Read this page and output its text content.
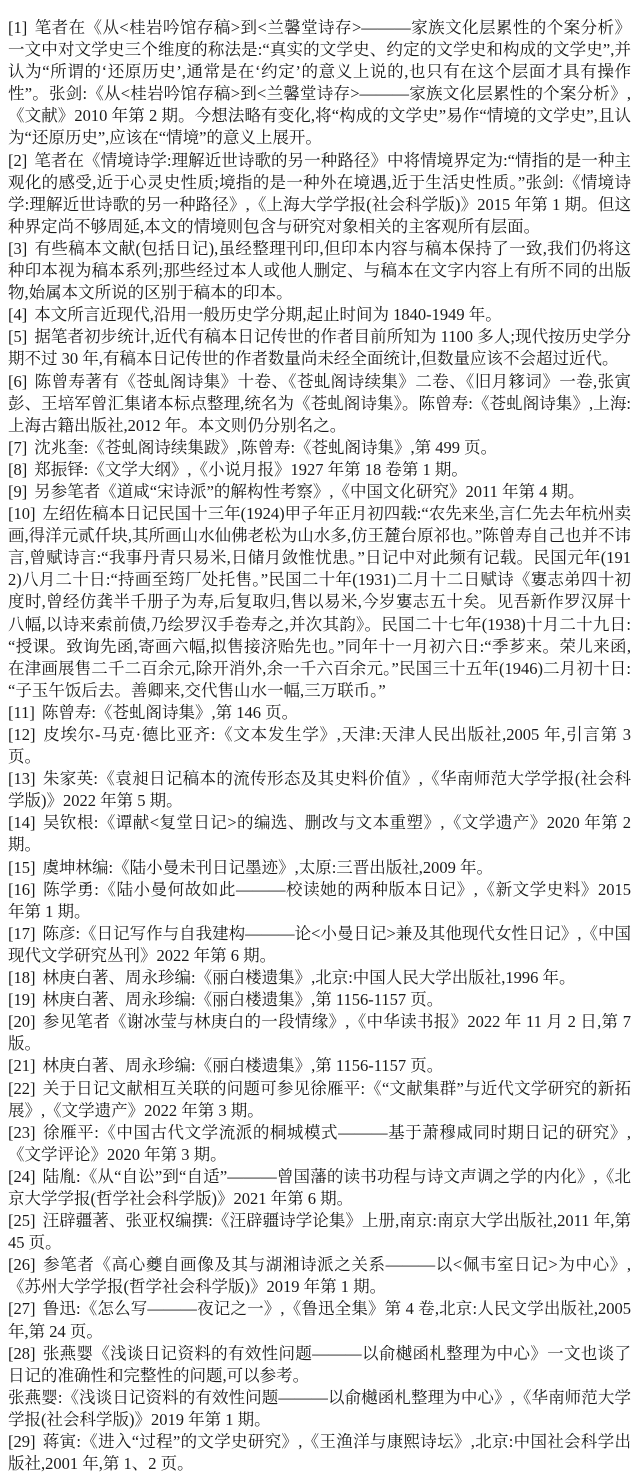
[1] 笔者在《从<桂岩吟馆存稿>到<兰馨堂诗存>———家族文化层累性的个案分析》一文中对文学史三个维度的称法是:“真实的文学史、约定的文学史和构成的文学史”,并认为“所谓的‘还原历史’,通常是在‘约定’的意义上说的,也只有在这个层面才具有操作性”。张剑:《从<桂岩吟馆存稿>到<兰馨堂诗存>———家族文化层累性的个案分析》,《文献》2010 年第 2 期。今想法略有变化,将“构成的文学史”易作“情境的文学史”,且认为“还原历史”,应该在“情境”的意义上展开。

[2] 笔者在《情境诗学:理解近世诗歌的另一种路径》中将情境界定为:“情指的是一种主观化的感受,近于心灵史性质;境指的是一种外在境遇,近于生活史性质。”张剑:《情境诗学:理解近世诗歌的另一种路径》,《上海大学学报(社会科学版)》2015 年第 1 期。但这种界定尚不够周延,本文的情境则包含与研究对象相关的主客观所有层面。

[3] 有些稿本文献(包括日记),虽经整理刊印,但印本内容与稿本保持了一致,我们仍将这种印本视为稿本系列;那些经过本人或他人删定、与稿本在文字内容上有所不同的出版物,始属本文所说的区别于稿本的印本。

[4] 本文所言近现代,沿用一般历史学分期,起止时间为 1840-1949 年。

[5] 据笔者初步统计,近代有稿本日记传世的作者目前所知为 1100 多人;现代按历史学分期不过 30 年,有稿本日记传世的作者数量尚未经全面统计,但数量应该不会超过近代。

[6] 陈曾寿著有《苍虬阁诗集》十卷、《苍虬阁诗续集》二卷、《旧月簃词》一卷,张寅彭、王培军曾汇集诸本标点整理,统名为《苍虬阁诗集》。陈曾寿:《苍虬阁诗集》,上海:上海古籍出版社,2012 年。本文则仍分别名之。

[7] 沈兆奎:《苍虬阁诗续集跋》,陈曾寿:《苍虬阁诗集》,第 499 页。

[8] 郑振铎:《文学大纲》,《小说月报》1927 年第 18 卷第 1 期。

[9] 另参笔者《道咸“宋诗派”的解构性考察》,《中国文化研究》2011 年第 4 期。

[10] 左绍佐稿本日记民国十三年(1924)甲子年正月初四载:“农先来坐,言仁先去年杭州卖画,得洋元贰仟块,其所画山水仙佛老松为山水多,仿王麓台原祁也。”陈曾寿自己也并不讳言,曾赋诗言:“我事丹青只易米,日储月敛惟忧患。”日记中对此频有记载。民国元年(1912)八月二十日:“持画至筠厂处托售。”民国二十年(1931)二月十二日赋诗《寠志弟四十初度时,曾经仿龚半千册子为寿,后复取归,售以易米,今岁寠志五十矣。见吾新作罗汉屏十八幅,以诗来索前债,乃绘罗汉手卷寿之,并次其韵》。民国二十七年(1938)十月二十九日:“授课。致询先函,寄画六幅,拟售接济贻先也。”同年十一月初六日:“季芗来。荣儿来函,在津画展售二千二百余元,除开消外,余一千六百余元。”民国三十五年(1946)二月初十日:“子玉午饭后去。善卿来,交代售山水一幅,三万联币。”

[11] 陈曾寿:《苍虬阁诗集》,第 146 页。

[12] 皮埃尔-马克·德比亚齐:《文本发生学》,天津:天津人民出版社,2005 年,引言第 3 页。

[13] 朱家英:《袁昶日记稿本的流传形态及其史料价值》,《华南师范大学学报(社会科学版)》2022 年第 5 期。

[14] 吴钦根:《谭献<复堂日记>的编选、删改与文本重塑》,《文学遗产》2020 年第 2 期。

[15] 虞坤林编:《陆小曼未刊日记墨迹》,太原:三晋出版社,2009 年。

[16] 陈学勇:《陆小曼何故如此———校读她的两种版本日记》,《新文学史料》2015 年第 1 期。

[17] 陈彦:《日记写作与自我建构———论<小曼日记>兼及其他现代女性日记》,《中国现代文学研究丛刊》2022 年第 6 期。

[18] 林庚白著、周永珍编:《丽白楼遗集》,北京:中国人民大学出版社,1996 年。

[19] 林庚白著、周永珍编:《丽白楼遗集》,第 1156-1157 页。

[20] 参见笔者《谢冰莹与林庚白的一段情缘》,《中华读书报》2022 年 11 月 2 日,第 7 版。

[21] 林庚白著、周永珍编:《丽白楼遗集》,第 1156-1157 页。

[22] 关于日记文献相互关联的问题可参见徐雁平:《“文献集群”与近代文学研究的新拓展》,《文学遗产》2022 年第 3 期。

[23] 徐雁平:《中国古代文学流派的桐城模式———基于萧穆咸同时期日记的研究》,《文学评论》2020 年第 3 期。

[24] 陆胤:《从“自讼”到“自适”———曾国藩的读书功程与诗文声调之学的内化》,《北京大学学报(哲学社会科学版)》2021 年第 6 期。

[25] 汪辟疆著、张亚权编撰:《汪辟疆诗学论集》上册,南京:南京大学出版社,2011 年,第 45 页。

[26] 参笔者《高心夔自画像及其与湖湘诗派之关系———以<佩韦室日记>为中心》,《苏州大学学报(哲学社会科学版)》2019 年第 1 期。

[27] 鲁迅:《怎么写———夜记之一》,《鲁迅全集》第 4 卷,北京:人民文学出版社,2005 年,第 24 页。

[28] 张燕婴《浅谈日记资料的有效性问题———以俞樾函札整理为中心》一文也谈了日记的准确性和完整性的问题,可以参考。

张燕婴:《浅谈日记资料的有效性问题———以俞樾函札整理为中心》,《华南师范大学学报(社会科学版)》2019 年第 1 期。

[29] 蒋寅:《进入“过程”的文学史研究》,《王渔洋与康熙诗坛》,北京:中国社会科学出版社,2001 年,第 1、2 页。
